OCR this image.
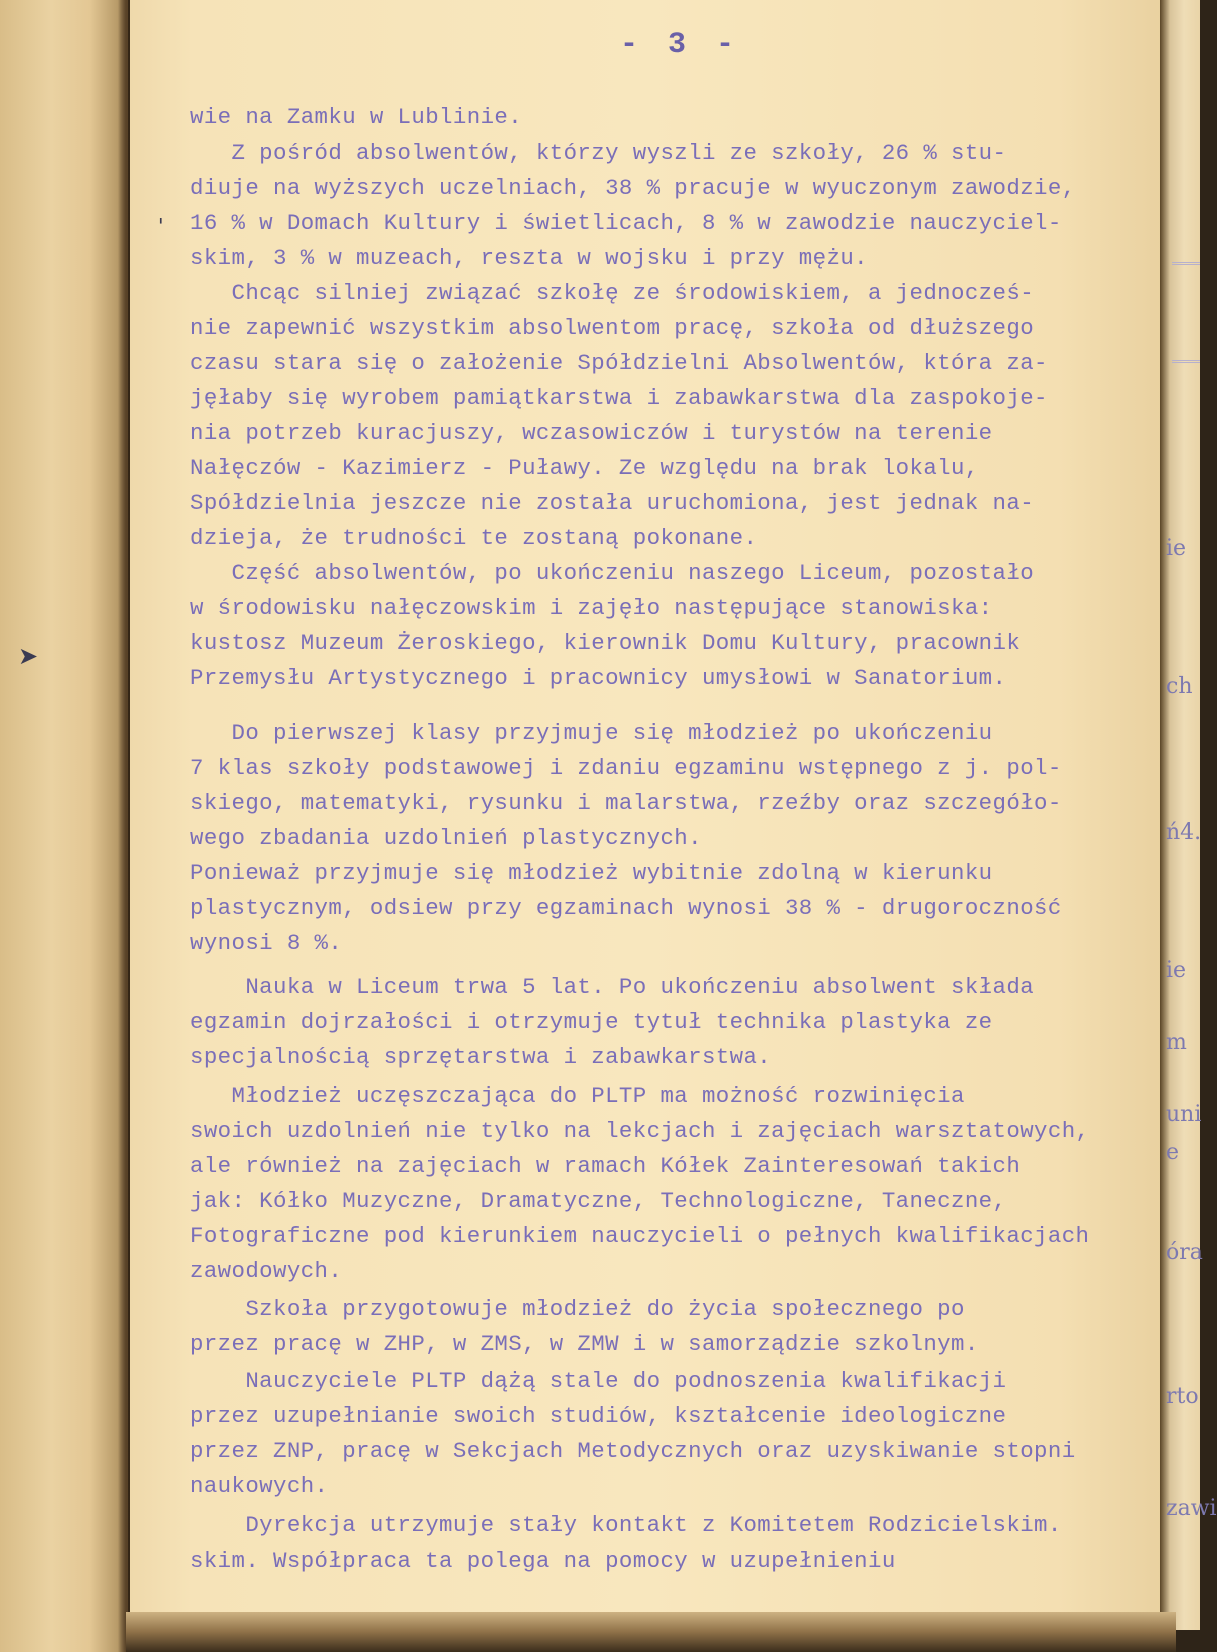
ie
ch
ń4.
ie
m
uni
e
óra
rto
zawi
'
➤
- 3 -
wie na Zamku w Lublinie.
Z pośród absolwentów, którzy wyszli ze szkoły, 26 % stu-
diuje na wyższych uczelniach, 38 % pracuje w wyuczonym zawodzie,
16 % w Domach Kultury i świetlicach, 8 % w zawodzie nauczyciel-
skim, 3 % w muzeach, reszta w wojsku i przy mężu.
Chcąc silniej związać szkołę ze środowiskiem, a jednocześ-
nie zapewnić wszystkim absolwentom pracę, szkoła od dłuższego
czasu stara się o założenie Spółdzielni Absolwentów, która za-
jęłaby się wyrobem pamiątkarstwa i zabawkarstwa dla zaspokoje-
nia potrzeb kuracjuszy, wczasowiczów i turystów na terenie
Nałęczów - Kazimierz - Puławy. Ze względu na brak lokalu,
Spółdzielnia jeszcze nie została uruchomiona, jest jednak na-
dzieja, że trudności te zostaną pokonane.
Część absolwentów, po ukończeniu naszego Liceum, pozostało
w środowisku nałęczowskim i zajęło następujące stanowiska:
kustosz Muzeum Żeroskiego, kierownik Domu Kultury, pracownik
Przemysłu Artystycznego i pracownicy umysłowi w Sanatorium.
Do pierwszej klasy przyjmuje się młodzież po ukończeniu
7 klas szkoły podstawowej i zdaniu egzaminu wstępnego z j. pol-
skiego, matematyki, rysunku i malarstwa, rzeźby oraz szczegóło-
wego zbadania uzdolnień plastycznych.
Ponieważ przyjmuje się młodzież wybitnie zdolną w kierunku
plastycznym, odsiew przy egzaminach wynosi 38 % - drugoroczność
wynosi 8 %.
Nauka w Liceum trwa 5 lat. Po ukończeniu absolwent składa
egzamin dojrzałości i otrzymuje tytuł technika plastyka ze
specjalnością sprzętarstwa i zabawkarstwa.
Młodzież uczęszczająca do PLTP ma możność rozwinięcia
swoich uzdolnień nie tylko na lekcjach i zajęciach warsztatowych,
ale również na zajęciach w ramach Kółek Zainteresowań takich
jak: Kółko Muzyczne, Dramatyczne, Technologiczne, Taneczne,
Fotograficzne pod kierunkiem nauczycieli o pełnych kwalifikacjach
zawodowych.
Szkoła przygotowuje młodzież do życia społecznego po
przez pracę w ZHP, w ZMS, w ZMW i w samorządzie szkolnym.
Nauczyciele PLTP dążą stale do podnoszenia kwalifikacji
przez uzupełnianie swoich studiów, kształcenie ideologiczne
przez ZNP, pracę w Sekcjach Metodycznych oraz uzyskiwanie stopni
naukowych.
Dyrekcja utrzymuje stały kontakt z Komitetem Rodzicielskim.
skim. Współpraca ta polega na pomocy w uzupełnieniu
